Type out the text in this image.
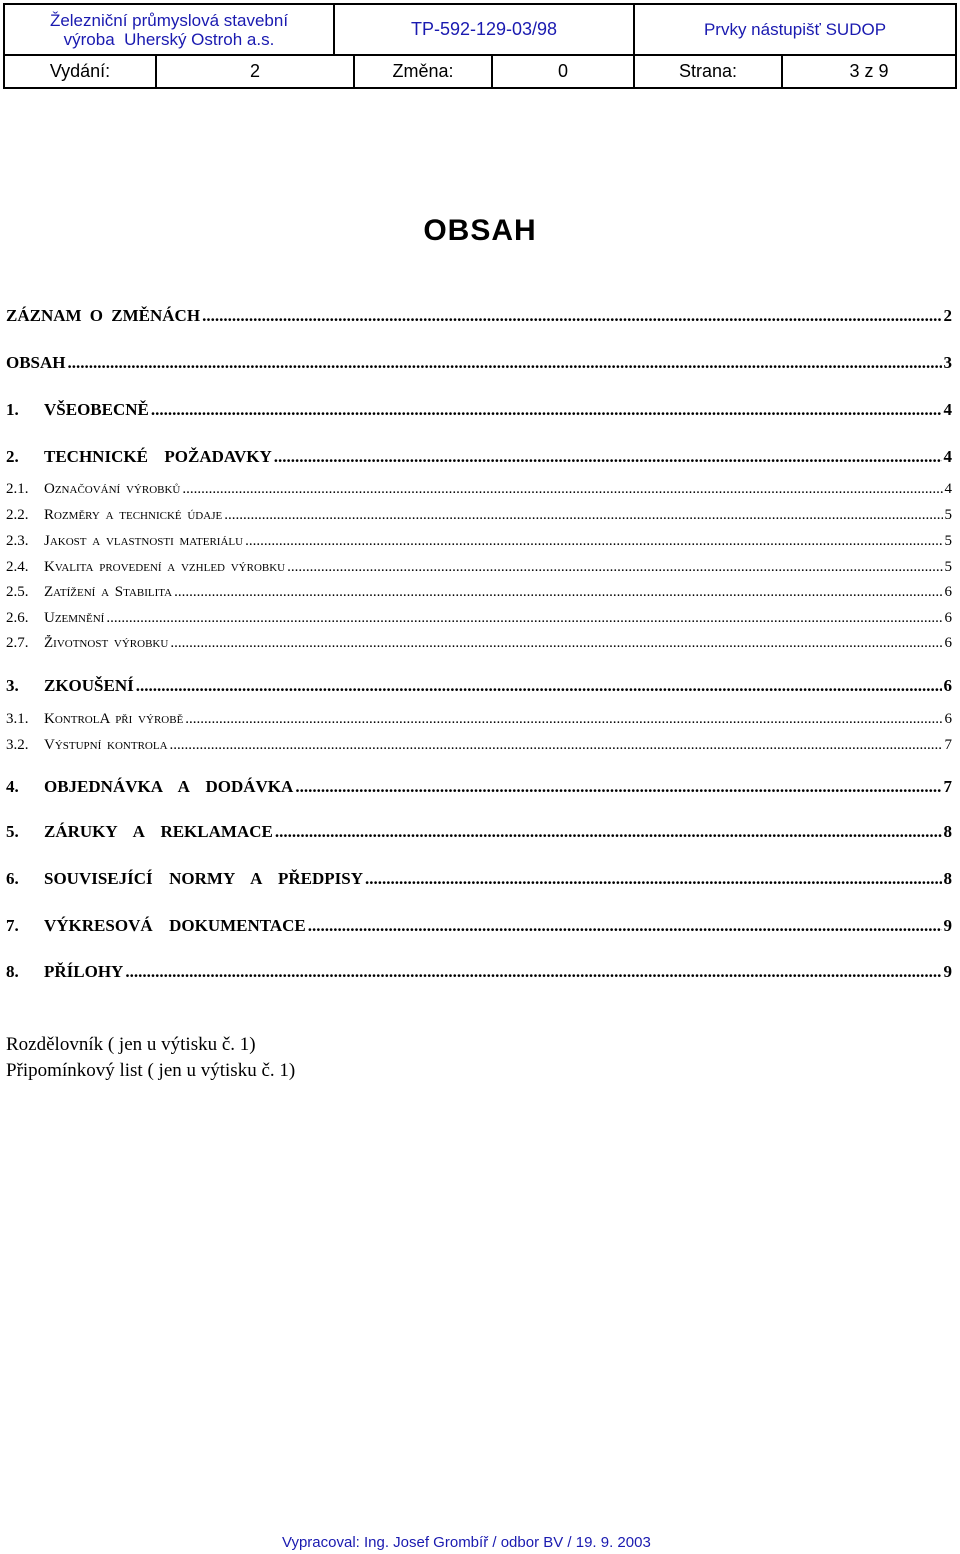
Železniční průmyslová stavební
výroba  Uherský Ostroh a.s.	TP-592-129-03/98	Prvky nástupišť SUDOP
Vydání:	2	Změna:	0	Strana:	3 z 9
OBSAH
ZÁZNAM O ZMĚNÁCH .....	2
OBSAH .....	3
1.	VŠEOBECNĚ .....	4
2.	TECHNICKÉ  POŽADAVKY .....	4
2.1.	Označování výrobků .....	4
2.2.	Rozměry a technické údaje .....	5
2.3.	Jakost a vlastnosti materiálu .....	5
2.4.	Kvalita provedení a vzhled výrobku .....	5
2.5.	Zatížení a Stabilita .....	6
2.6.	Uzemnění .....	6
2.7.	Životnost výrobku .....	6
3.	ZKOUŠENÍ .....	6
3.1.	KontrolA při výrobě .....	6
3.2.	Výstupní kontrola .....	7
4.	OBJEDNÁVKA  A  DODÁVKA .....	7
5.	ZÁRUKY  A  REKLAMACE .....	8
6.	SOUVISEJÍCÍ  NORMY  A  PŘEDPISY .....	8
7.	VÝKRESOVÁ  DOKUMENTACE .....	9
8.	PŘÍLOHY .....	9
Rozdělovník ( jen u výtisku č. 1)
Připomínkový list ( jen u výtisku č. 1)
Vypracoval: Ing. Josef Grombíř / odbor BV / 19. 9. 2003
